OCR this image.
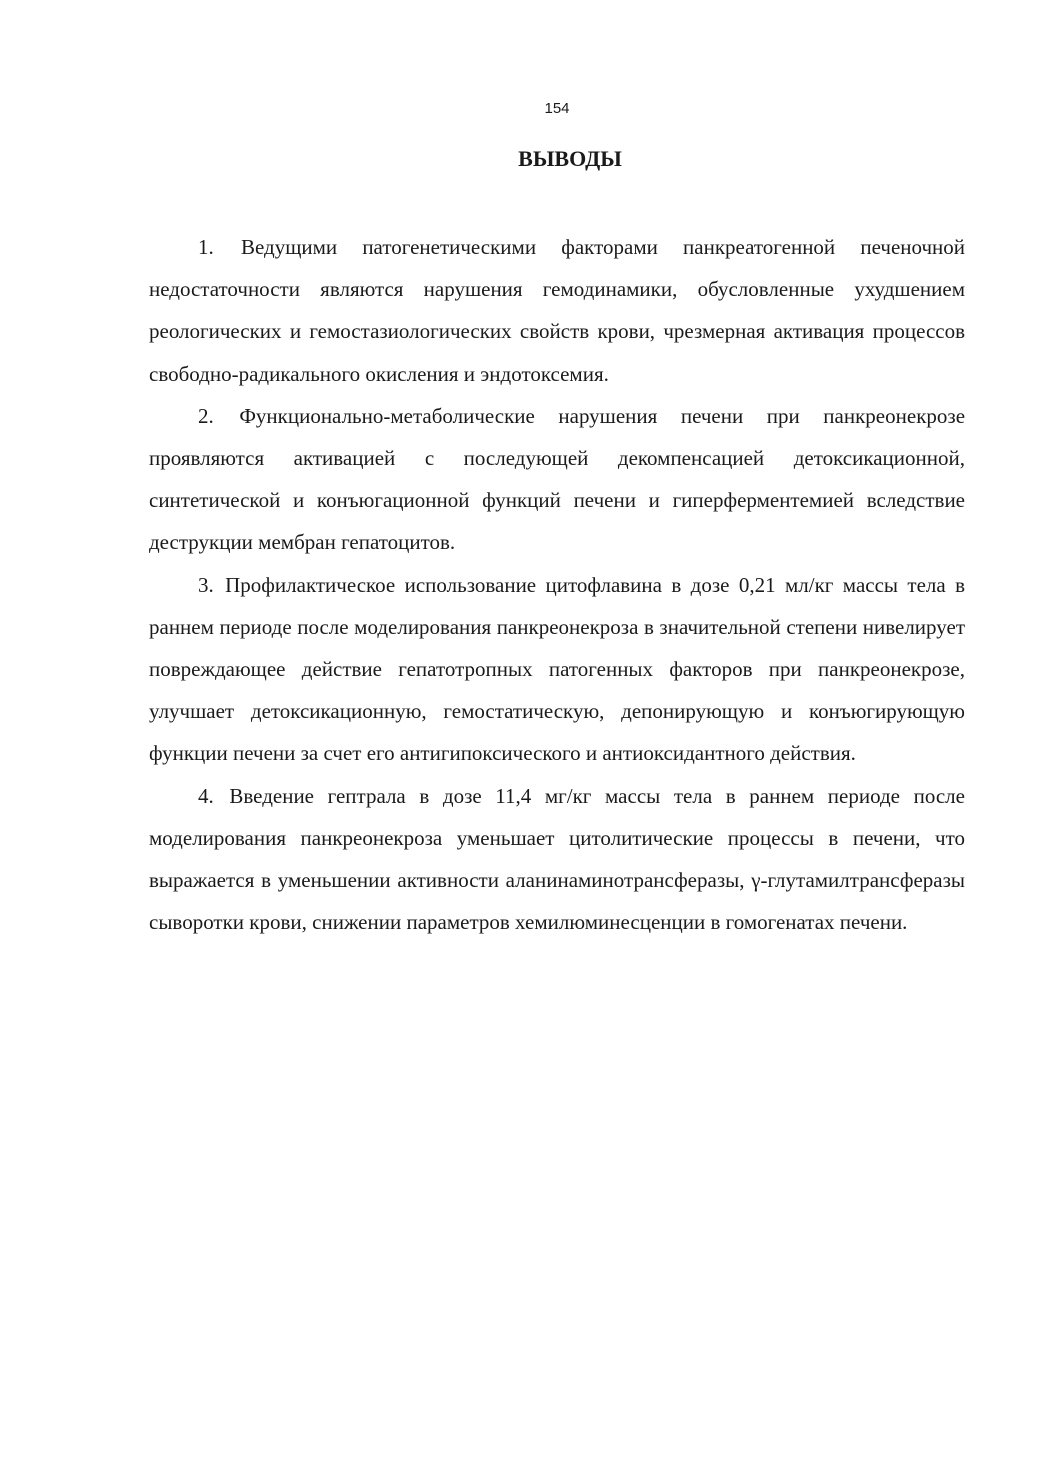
154
ВЫВОДЫ

1. Ведущими патогенетическими факторами панкреатогенной печеночной недостаточности являются нарушения гемодинамики, обусловленные ухудшением реологических и гемостазиологических свойств крови, чрезмерная активация процессов свободно-радикального окисления и эндотоксемия.

2. Функционально-метаболические нарушения печени при панкреонекрозе проявляются активацией с последующей декомпенсацией детоксикационной, синтетической и конъюгационной функций печени и гиперферментемией вследствие деструкции мембран гепатоцитов.

3. Профилактическое использование цитофлавина в дозе 0,21 мл/кг массы тела в раннем периоде после моделирования панкреонекроза в значительной степени нивелирует повреждающее действие гепатотропных патогенных факторов при панкреонекрозе, улучшает детоксикационную, гемостатическую, депонирующую и конъюгирующую функции печени за счет его антигипоксического и антиоксидантного действия.

4. Введение гептрала в дозе 11,4 мг/кг массы тела в раннем периоде после моделирования панкреонекроза уменьшает цитолитические процессы в печени, что выражается в уменьшении активности аланинаминотрансферазы, γ-глутамилтрансферазы сыворотки крови, снижении параметров хемилюминесценции в гомогенатах печени.
